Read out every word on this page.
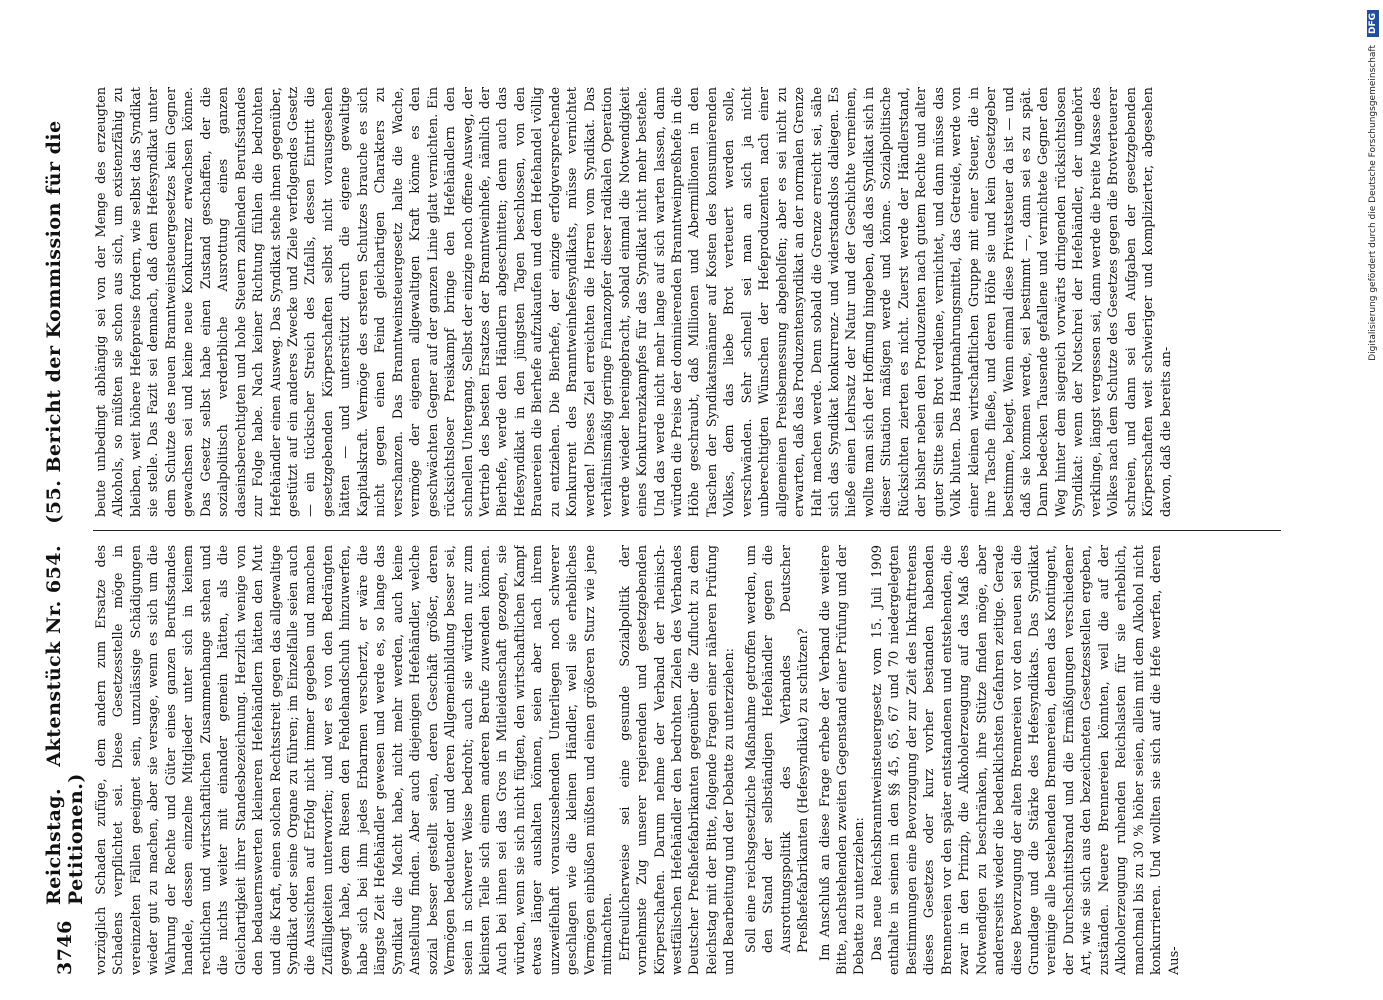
3746
Reichstag. Aktenstück Nr. 654. (55. Bericht der Kommission für die Petitionen.) vorzüglich Schaden zufüge, dem andern zum Ersatze des Schadens verpflichtet sei. Diese Gesetzesstelle möge in vereinzelten Fällen geeignet sein, unzulässige Schädigungen wieder gut zu machen, aber sie versage, wenn es sich um die Wahrung der Rechte und Güter eines ganzen Berufsstandes handele, dessen einzelne Mitglieder unter sich in keinem rechtlichen und wirtschaftlichen Zusammenhange stehen und die nichts weiter mit einander gemein hätten, als die Gleichartigkeit ihrer Standesbezeichnung. Herzlich wenige von den bedauernswerten kleineren Hefehändlern hätten den Mut und die Kraft, einen solchen Rechtsstreit gegen das allgewaltige Syndikat oder seine Organe zu führen; im Einzelfalle seien auch die Aussichten auf Erfolg nicht immer gegeben und manchen Zufälligkeiten unterworfen; und wer es von den Bedrängten gewagt habe, dem Riesen den Fehdehandschuh hinzuwerfen, habe sich bei ihm jedes Erbarmen verscherzt, er wäre die längste Zeit Hefehändler gewesen und werde es, so lange das Syndikat die Macht habe, nicht mehr werden, auch keine Anstellung finden. Aber auch diejenigen Hefehändler, welche sozial besser gestellt seien, deren Geschäft größer, deren Vermögen bedeutender und deren Allgemeinbildung besser sei, seien in schwerer Weise bedroht; auch sie würden nur zum kleinsten Teile sich einem anderen Berufe zuwenden können. Auch bei ihnen sei das Gros in Mitleidenschaft gezogen, sie würden, wenn sie sich nicht fügten, den wirtschaftlichen Kampf etwas länger aushalten können, seien aber nach ihrem unzweifelhaft vorauszusehenden Unterliegen noch schwerer geschlagen wie die kleinen Händler, weil sie erhebliches Vermögen einbüßen müßten und einen größeren Sturz wie jene mitmachten. Erfreulicherweise sei eine gesunde Sozialpolitik der vornehmste Zug unserer regierenden und gesetzgebenden Körperschaften. Darum nehme der Verband der rheinisch-westfälischen Hefehändler den bedrohten Zielen des Verbandes Deutscher Preßhefefabrikanten gegenüber die Zuflucht zu dem Reichstag mit der Bitte, folgende Fragen einer näheren Prüfung und Bearbeitung und der Debatte zu unterziehen: Soll eine reichsgesetzliche Maßnahme getroffen werden, um den Stand der selbständigen Hefehändler gegen die Ausrottungspolitik des Verbandes Deutscher Preßhefefabrikanten (Hefesyndikat) zu schützen? Im Anschluß an diese Frage erhebe der Verband die weitere Bitte, nachstehenden zweiten Gegenstand einer Prüfung und der Debatte zu unterziehen: Das neue Reichsbranntweinsteuergesetz vom 15. Juli 1909 enthalte in seinen in den §§ 45, 65, 67 und 70 niedergelegten Bestimmungen eine Bevorzugung der zur Zeit des Inkrafttretens dieses Gesetzes oder kurz vorher bestanden habenden Brennereien vor den später entstandenen und entstehenden, die zwar in den Prinzip, die Alkoholerzeugung auf das Maß des Notwendigen zu beschränken, ihre Stütze finden möge, aber andererseits wieder die bedenklichsten Gefahren zeitige. Gerade diese Bevorzugung der alten Brennereien vor den neuen sei die Grundlage und die Stärke des Hefesyndikats. Das Syndikat vereinige alle bestehenden Brennereien, denen das Kontingent, der Durchschnittsbrand und die Ermäßigungen verschiedener Art, wie sie sich aus den bezeichneten Gesetzesstellen ergeben, zuständen. Neuere Brennereien könnten, weil die auf der Alkoholerzeugung ruhenden Reichslasten für sie erheblich, manchmal bis zu 30 % höher seien, allein mit dem Alkohol nicht konkurrieren. Und wollten sie sich auf die Hefe werfen, deren Aus-

beute unbedingt abhängig sei von der Menge des erzeugten Alkohols, so müßten sie schon aus sich, um existenzfähig zu bleiben, weit höhere Hefepreise fordern, wie selbst das Syndikat sie stelle. Das Fazit sei demnach, daß dem Hefesyndikat unter dem Schutze des neuen Branntweinsteuergesetzes kein Gegner gewachsen sei und keine neue Konkurrenz erwachsen könne. Das Gesetz selbst habe einen Zustand geschaffen, der die sozialpolitisch verderbliche Ausrottung eines ganzen daseinsberechtigten und hohe Steuern zahlenden Berufsstandes zur Folge habe. Nach keiner Richtung fühlen die bedrohten Hefehändler einen Ausweg. Das Syndikat stehe ihnen gegenüber, gestützt auf ein anderes Zwecke und Ziele verfolgendes Gesetz — ein tückischer Streich des Zufalls, dessen Eintritt die gesetzgebenden Körperschaften selbst nicht vorausgesehen hätten — und unterstützt durch die eigene gewaltige Kapitalskraft. Vermöge des ersteren Schutzes brauche es sich nicht gegen einen Feind gleichartigen Charakters zu verschanzen. Das Branntweinsteuergesetz halte die Wache, vermöge der eigenen allgewaltigen Kraft könne es den geschwächten Gegner auf der ganzen Linie glatt vernichten. Ein rücksichtsloser Preiskampf bringe den Hefehändlern den schnellen Untergang. Selbst der einzige noch offene Ausweg, der Vertrieb des besten Ersatzes der Branntweinhefe, nämlich der Bierhefe, werde den Händlern abgeschnitten; denn auch das Hefesyndikat in den jüngsten Tagen beschlossen, von den Brauereien die Bierhefe aufzukaufen und dem Hefehandel völlig zu entziehen. Die Bierhefe, der einzige erfolgversprechende Konkurrent des Branntweinhefesyndikats, müsse vernichtet werden! Dieses Ziel erreichten die Herren vom Syndikat. Das verhältnismäßig geringe Finanzopfer dieser radikalen Operation werde wieder hereingebracht, sobald einmal die Notwendigkeit eines Konkurrenzkampfes für das Syndikat nicht mehr bestehe. Und das werde nicht mehr lange auf sich warten lassen, dann würden die Preise der dominierenden Branntweinpreßhefe in die Höhe geschraubt, daß Millionen und Abermillionen in den Taschen der Syndikatsmänner auf Kosten des konsumierenden Volkes, dem das liebe Brot verteuert werden solle, verschwänden. Sehr schnell sei man an sich ja nicht unberechtigten Wünschen der Hefeproduzenten nach einer allgemeinen Preisbemessung abgeholfen; aber es sei nicht zu erwarten, daß das Produzentensyndikat an der normalen Grenze Halt machen werde. Denn sobald die Grenze erreicht sei, sähe sich das Syndikat konkurrenz- und widerstandslos daliegen. Es hieße einen Lehrsatz der Natur und der Geschichte verneinen, wollte man sich der Hoffnung hingeben, daß das Syndikat sich in dieser Situation mäßigen werde und könne. Sozialpolitische Rücksichten zierten es nicht. Zuerst werde der Händlerstand, der bisher neben den Produzenten nach gutem Rechte und alter guter Sitte sein Brot verdiene, vernichtet, und dann müsse das Volk bluten. Das Hauptnahrungsmittel, das Getreide, werde von einer kleinen wirtschaftlichen Gruppe mit einer Steuer, die in ihre Tasche fließe, und deren Höhe sie und kein Gesetzgeber bestimme, belegt. Wenn einmal diese Privatsteuer da ist — und daß sie kommen werde, sei bestimmt —, dann sei es zu spät. Dann bedecken Tausende gefallene und vernichtete Gegner den Weg hinter dem siegreich vorwärts dringenden rücksichtslosen Syndikat: wenn der Notschrei der Hefehändler, der ungehört verklinge, längst vergessen sei, dann werde die breite Masse des Volkes nach dem Schutze des Gesetzes gegen die Brotverteuerer schreien, und dann sei den Aufgaben der gesetzgebenden Körperschaften weit schwieriger und komplizierter, abgesehen davon, daß die bereits an-

Digitalisierung gefördert durch die Deutsche Forschungsgemeinschaft
DFG
